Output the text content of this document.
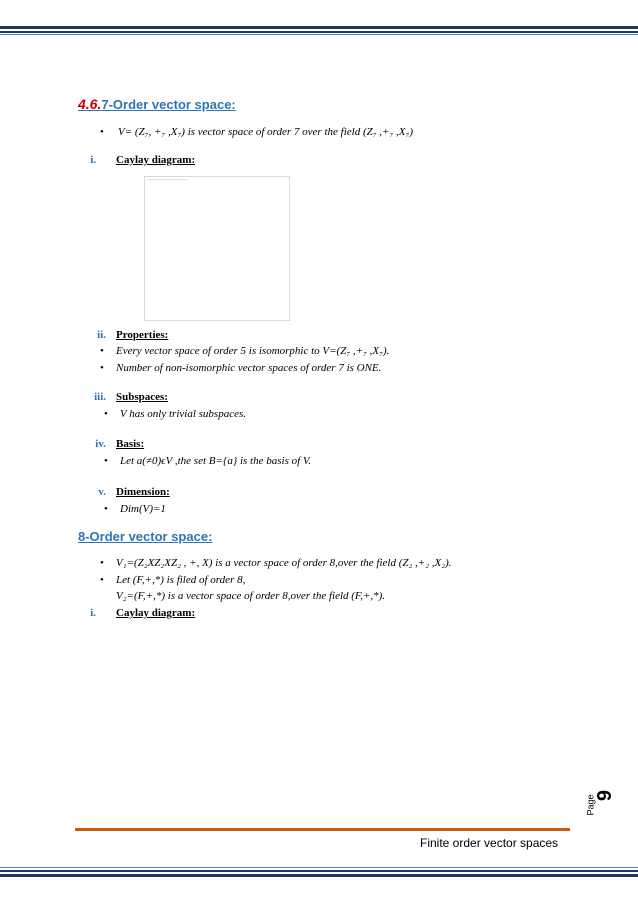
4.6.7-Order vector space:
• V= (Z₇, +₇ ,X₇) is vector space of order 7 over the field (Z₇ ,+₇ ,X₇)
i. Caylay diagram:
ii. Properties:
• Every vector space of order 5 is isomorphic to V=(Z₇ ,+₇ ,X₇).
• Number of non-isomorphic vector spaces of order 7 is ONE.
iii. Subspaces:
• V has only trivial subspaces.
iv. Basis:
• Let a(≠0)ϵV ,the set B={a} is the basis of V.
v. Dimension:
• Dim(V)=1
8-Order vector space:
• V₁=(Z₂XZ₂XZ₂ , +, X) is a vector space of order 8,over the field (Z₂ ,+₂ ,X₂).
• Let (F,+,*) is filed of order 8,
V₂=(F,+,*) is a vector space of order 8,over the field (F,+,*).
i. Caylay diagram:
Page
9
Finite order vector spaces
